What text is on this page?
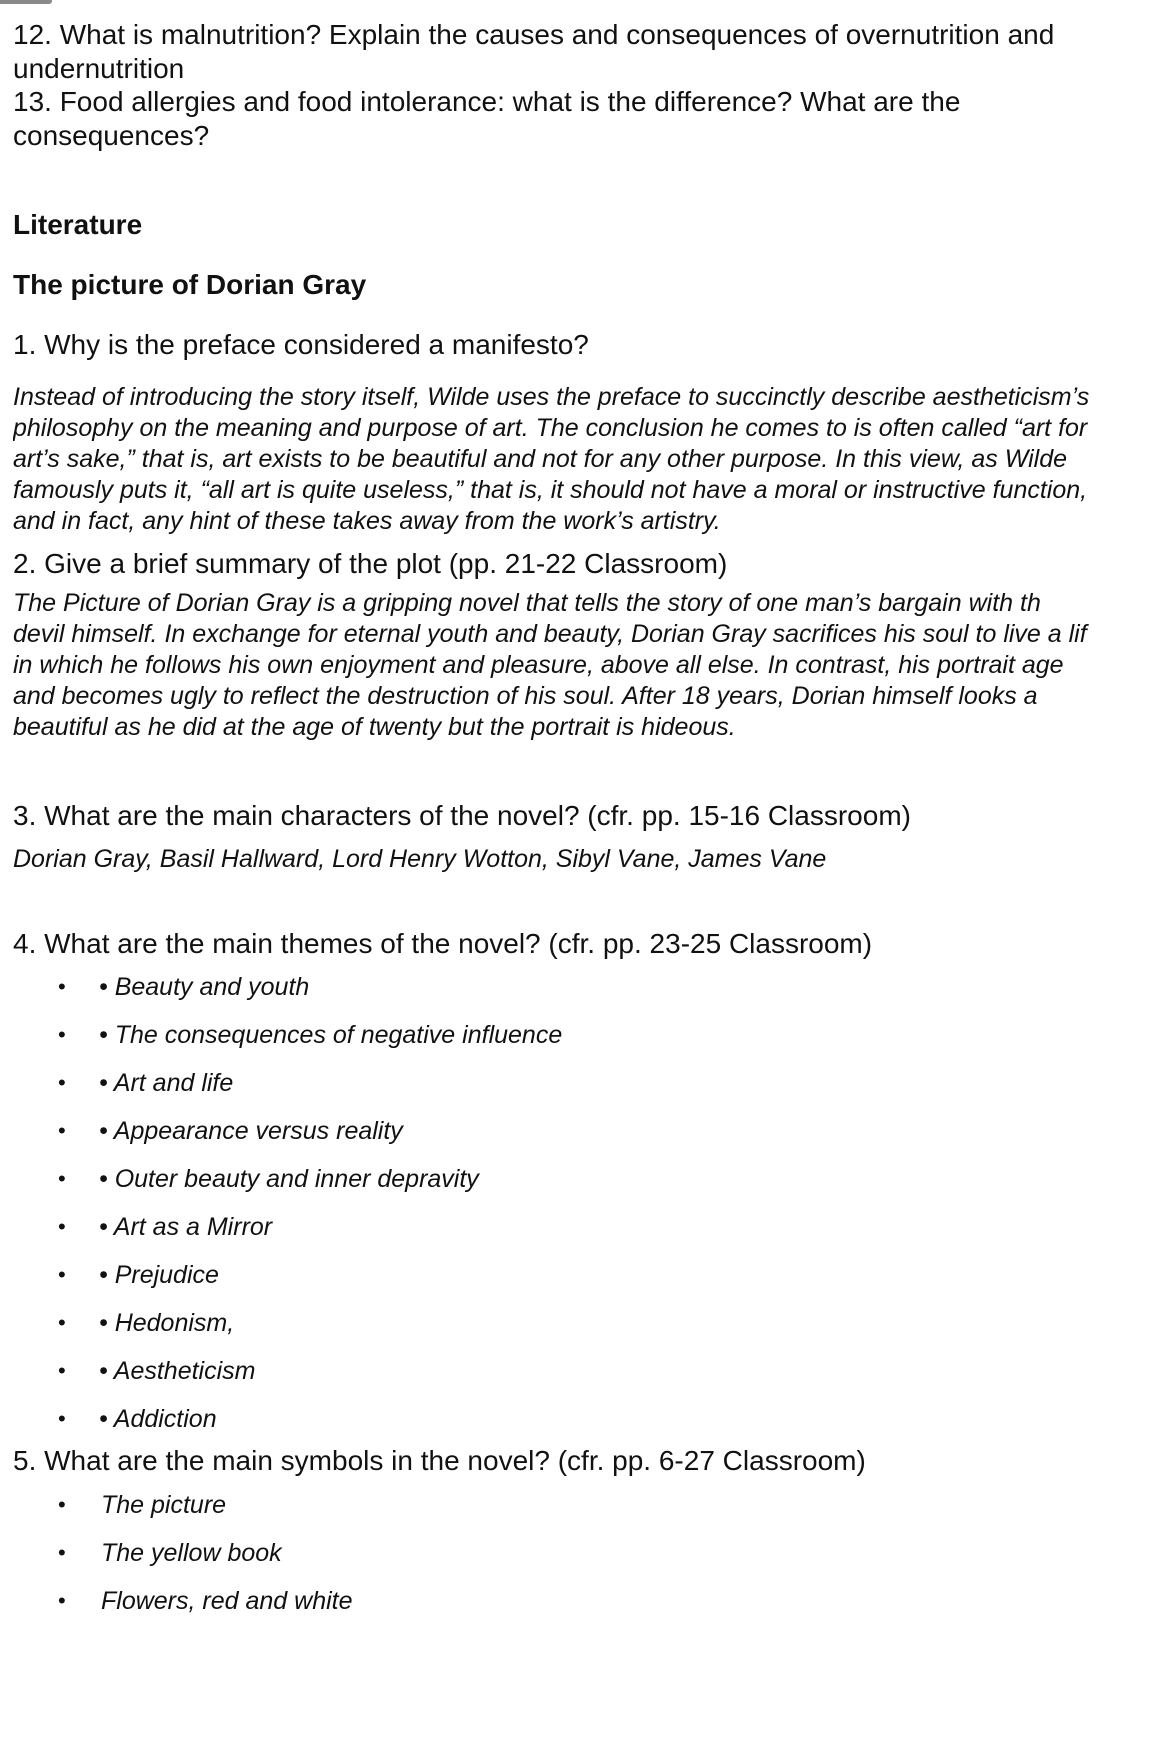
12. What is malnutrition? Explain the causes and consequences of overnutrition and

undernutrition

13. Food allergies and food intolerance: what is the difference? What are the

consequences?

Literature
The picture of Dorian Gray

1. Why is the preface considered a manifesto?

Instead of introducing the story itself, Wilde uses the preface to succinctly describe aestheticism’s
philosophy on the meaning and purpose of art. The conclusion he comes to is often called “art for
art’s sake,” that is, art exists to be beautiful and not for any other purpose. In this view, as Wilde
famously puts it, “all art is quite useless,” that is, it should not have a moral or instructive function,
and in fact, any hint of these takes away from the work’s artistry.

2. Give a brief summary of the plot (pp. 21-22 Classroom)

The Picture of Dorian Gray is a gripping novel that tells the story of one man’s bargain with th
devil himself. In exchange for eternal youth and beauty, Dorian Gray sacrifices his soul to live a lif
in which he follows his own enjoyment and pleasure, above all else. In contrast, his portrait age
and becomes ugly to reflect the destruction of his soul. After 18 years, Dorian himself looks a
beautiful as he did at the age of twenty but the portrait is hideous.

3. What are the main characters of the novel? (cfr. pp. 15-16 Classroom)

Dorian Gray, Basil Hallward, Lord Henry Wotton, Sibyl Vane, James Vane

4. What are the main themes of the novel? (cfr. pp. 23-25 Classroom)

• • Beauty and youth
• • The consequences of negative influence
• • Art and life
• • Appearance versus reality
• • Outer beauty and inner depravity
• • Art as a Mirror
• • Prejudice
• • Hedonism,
• • Aestheticism
• • Addiction

5. What are the main symbols in the novel? (cfr. pp. 6-27 Classroom)

• The picture
• The yellow book
• Flowers, red and white
